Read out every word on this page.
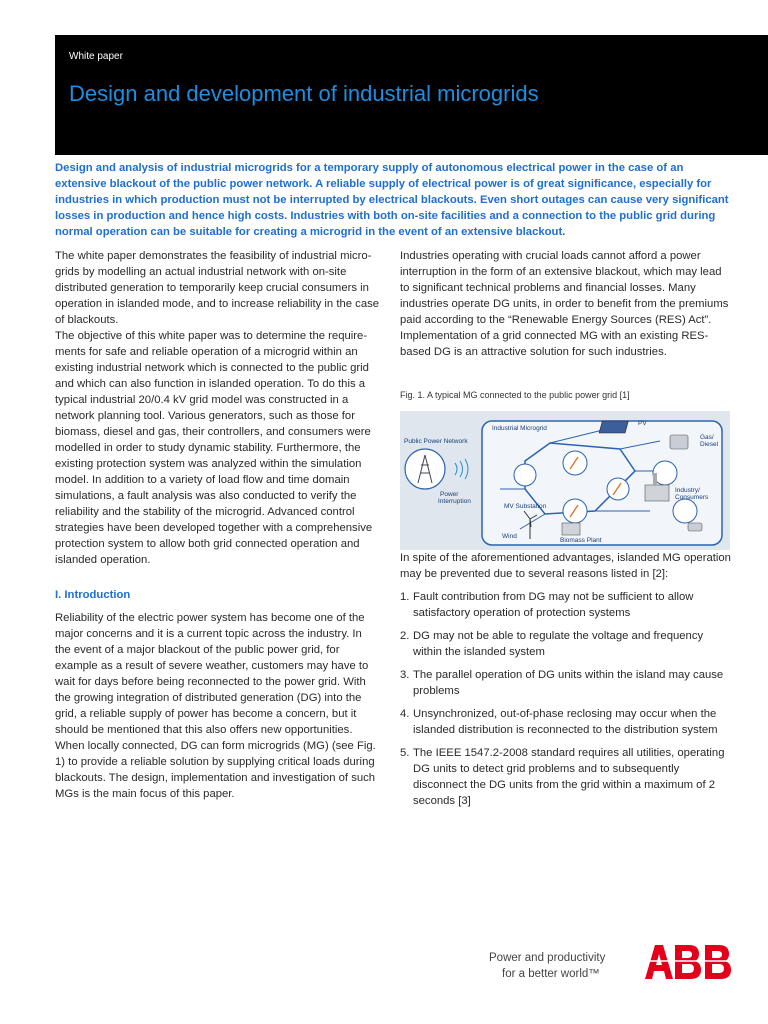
White paper
Design and development of industrial microgrids
Design and analysis of industrial microgrids for a temporary supply of autonomous electrical power in the case of an extensive blackout of the public power network. A reliable supply of electrical power is of great significance, especially for industries in which production must not be interrupted by electrical blackouts. Even short outages can cause very significant losses in production and hence high costs. Industries with both on-site facilities and a connection to the public grid during normal operation can be suitable for creating a microgrid in the event of an extensive blackout.

The white paper demonstrates the feasibility of industrial micro-grids by modelling an actual industrial network with on-site distributed generation to temporarily keep crucial consumers in operation in islanded mode, and to increase reliability in the case of blackouts.

The objective of this white paper was to determine the require-ments for safe and reliable operation of a microgrid within an existing industrial network which is connected to the public grid and which can also function in islanded operation. To do this a typical industrial 20/0.4 kV grid model was constructed in a network planning tool. Various generators, such as those for biomass, diesel and gas, their controllers, and consumers were modelled in order to study dynamic stability. Furthermore, the existing protection system was analyzed within the simulation model. In addition to a variety of load flow and time domain simulations, a fault analysis was also conducted to verify the reliability and the stability of the microgrid. Advanced control strategies have been developed together with a comprehensive protection system to allow both grid connected operation and islanded operation.

I. Introduction

Reliability of the electric power system has become one of the major concerns and it is a current topic across the industry. In the event of a major blackout of the public power grid, for example as a result of severe weather, customers may have to wait for days before being reconnected to the power grid. With the growing integration of distributed generation (DG) into the grid, a reliable supply of power has become a concern, but it should be mentioned that this also offers new opportunities. When locally connected, DG can form microgrids (MG) (see Fig. 1) to provide a reliable solution by supplying critical loads during blackouts. The design, implementation and investigation of such MGs is the main focus of this paper.

Industries operating with crucial loads cannot afford a power interruption in the form of an extensive blackout, which may lead to significant technical problems and financial losses. Many industries operate DG units, in order to benefit from the premiums paid according to the “Renewable Energy Sources (RES) Act”. Implementation of a grid connected MG with an existing RES-based DG is an attractive solution for such industries.

Fig. 1. A typical MG connected to the public power grid [1]
Public Power Network
Industrial Microgrid
PV
Gas/
Diesel
Power
Interruption
MV Substation
Industry/
Consumers
Wind
Biomass Plant

In spite of the aforementioned advantages, islanded MG operation may be prevented due to several reasons listed in [2]:

1. Fault contribution from DG may not be sufficient to allow satisfactory operation of protection systems
2. DG may not be able to regulate the voltage and frequency within the islanded system
3. The parallel operation of DG units within the island may cause problems
4. Unsynchronized, out-of-phase reclosing may occur when the islanded distribution is reconnected to the distribution system
5. The IEEE 1547.2-2008 standard requires all utilities, operating DG units to detect grid problems and to subsequently disconnect the DG units from the grid within a maximum of 2 seconds [3]
Power and productivity
for a better world™
